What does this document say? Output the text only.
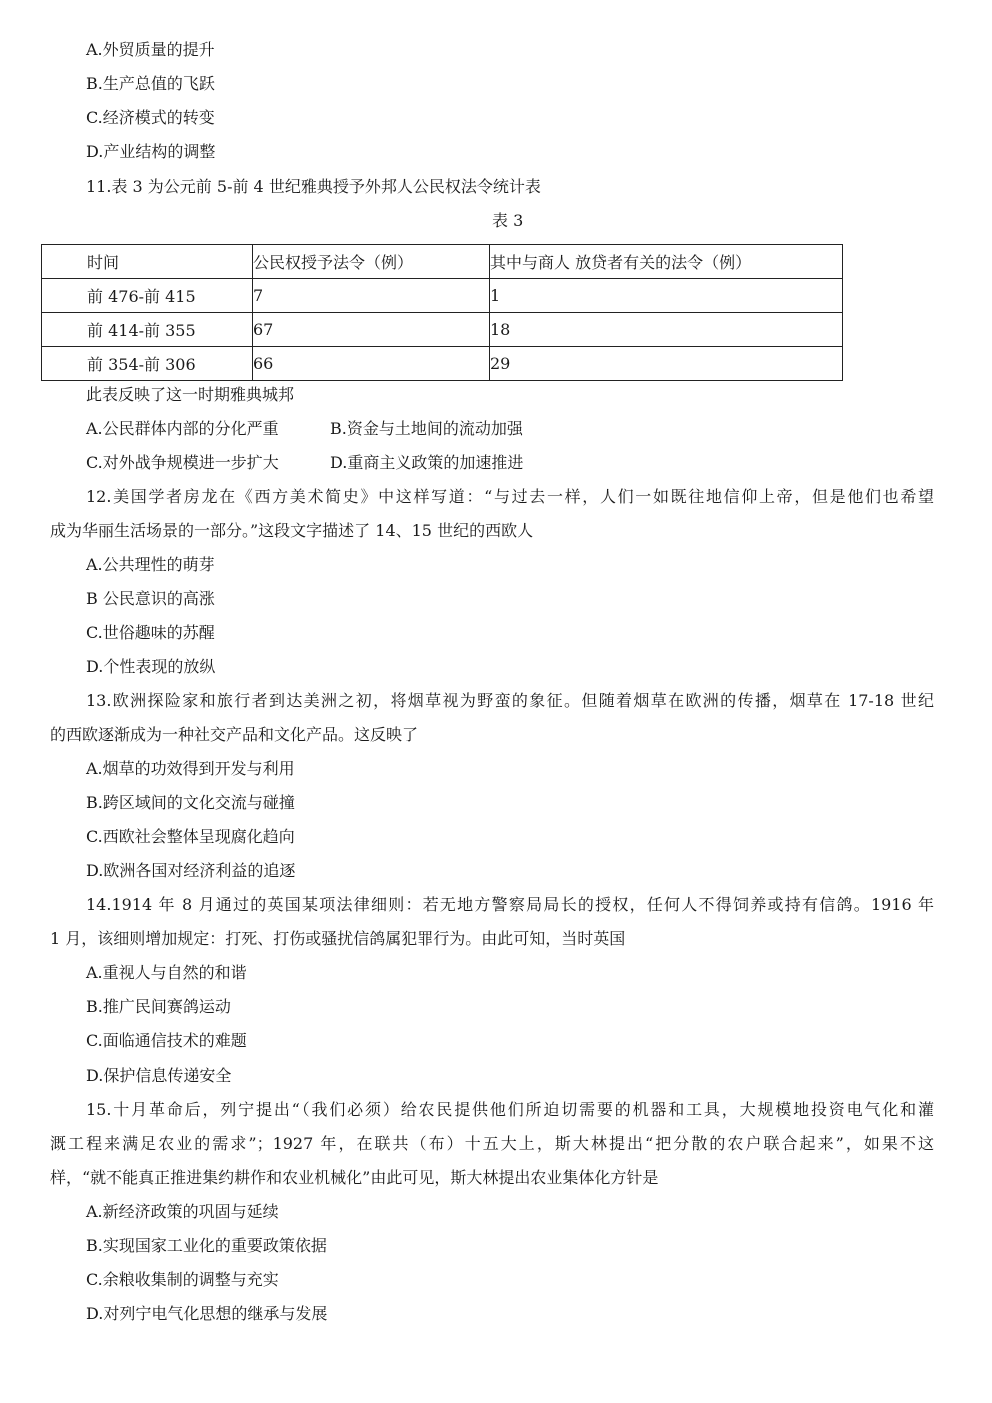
A.外贸质量的提升
B.生产总值的飞跃
C.经济模式的转变
D.产业结构的调整
11.表 3 为公元前 5-前 4 世纪雅典授予外邦人公民权法令统计表
表 3
时间	公民权授予法令（例）	其中与商人 放贷者有关的法令（例）
前 476-前 415	7	1
前 414-前 355	67	18
前 354-前 306	66	29
此表反映了这一时期雅典城邦
A.公民群体内部的分化严重	B.资金与土地间的流动加强
C.对外战争规模进一步扩大	D.重商主义政策的加速推进
12.美国学者房龙在《西方美术简史》中这样写道：“与过去一样，人们一如既往地信仰上帝，但是他们也希望
成为华丽生活场景的一部分。”这段文字描述了 14、15 世纪的西欧人
A.公共理性的萌芽
B 公民意识的高涨
C.世俗趣味的苏醒
D.个性表现的放纵
13.欧洲探险家和旅行者到达美洲之初，将烟草视为野蛮的象征。但随着烟草在欧洲的传播，烟草在 17-18 世纪
的西欧逐渐成为一种社交产品和文化产品。这反映了
A.烟草的功效得到开发与利用
B.跨区域间的文化交流与碰撞
C.西欧社会整体呈现腐化趋向
D.欧洲各国对经济利益的追逐
14.1914 年 8 月通过的英国某项法律细则：若无地方警察局局长的授权，任何人不得饲养或持有信鸽。1916 年
1 月，该细则增加规定：打死、打伤或骚扰信鸽属犯罪行为。由此可知，当时英国
A.重视人与自然的和谐
B.推广民间赛鸽运动
C.面临通信技术的难题
D.保护信息传递安全
15.十月革命后，列宁提出“（我们必须）给农民提供他们所迫切需要的机器和工具，大规模地投资电气化和灌
溉工程来满足农业的需求”；1927 年，在联共（布）十五大上，斯大林提出“把分散的农户联合起来”，如果不这
样，“就不能真正推进集约耕作和农业机械化”由此可见，斯大林提出农业集体化方针是
A.新经济政策的巩固与延续
B.实现国家工业化的重要政策依据
C.余粮收集制的调整与充实
D.对列宁电气化思想的继承与发展
